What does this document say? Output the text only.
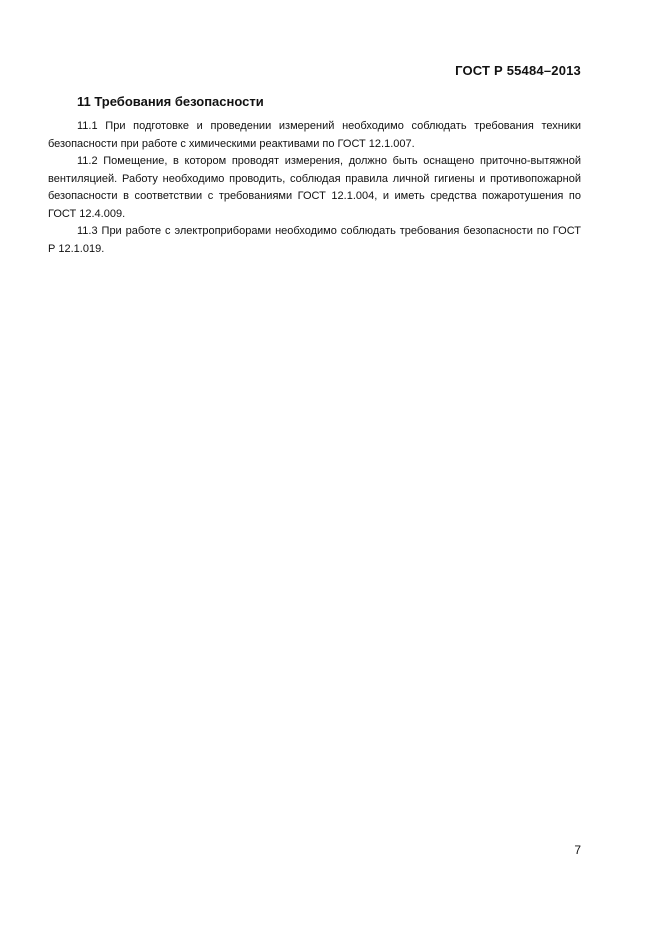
ГОСТ Р 55484–2013
11 Требования безопасности

11.1 При подготовке и проведении измерений необходимо соблюдать требования техники безопасности при работе с химическими реактивами по ГОСТ 12.1.007.

11.2 Помещение, в котором проводят измерения, должно быть оснащено приточно-вытяжной вентиляцией. Работу необходимо проводить, соблюдая правила личной гигиены и противопожарной безопасности в соответствии с требованиями ГОСТ 12.1.004, и иметь средства пожаротушения по ГОСТ 12.4.009.

11.3 При работе с электроприборами необходимо соблюдать требования безопасности по ГОСТ Р 12.1.019.

7
